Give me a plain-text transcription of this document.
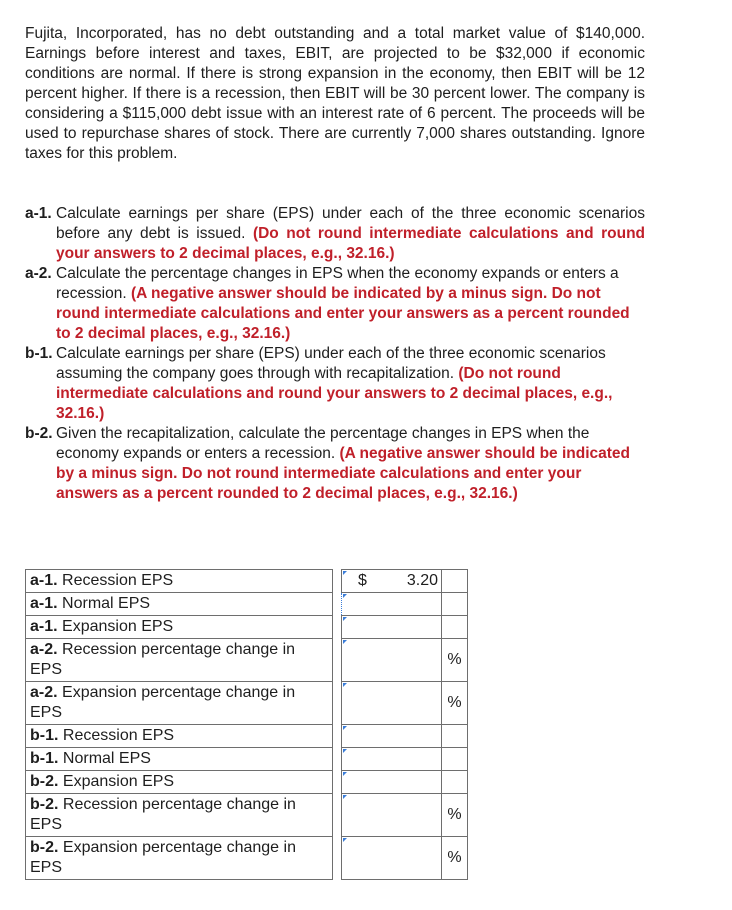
Fujita, Incorporated, has no debt outstanding and a total market value of $140,000. Earnings before interest and taxes, EBIT, are projected to be $32,000 if economic conditions are normal. If there is strong expansion in the economy, then EBIT will be 12 percent higher. If there is a recession, then EBIT will be 30 percent lower. The company is considering a $115,000 debt issue with an interest rate of 6 percent. The proceeds will be used to repurchase shares of stock. There are currently 7,000 shares outstanding. Ignore taxes for this problem.
a-1. Calculate earnings per share (EPS) under each of the three economic scenarios before any debt is issued. (Do not round intermediate calculations and round your answers to 2 decimal places, e.g., 32.16.)
a-2. Calculate the percentage changes in EPS when the economy expands or enters a recession. (A negative answer should be indicated by a minus sign. Do not round intermediate calculations and enter your answers as a percent rounded to 2 decimal places, e.g., 32.16.)
b-1. Calculate earnings per share (EPS) under each of the three economic scenarios assuming the company goes through with recapitalization. (Do not round intermediate calculations and round your answers to 2 decimal places, e.g., 32.16.)
b-2. Given the recapitalization, calculate the percentage changes in EPS when the economy expands or enters a recession. (A negative answer should be indicated by a minus sign. Do not round intermediate calculations and enter your answers as a percent rounded to 2 decimal places, e.g., 32.16.)
a-1. Recession EPS		$ 3.20	

a-1. Normal EPS		

a-1. Expansion EPS		

a-2. Recession percentage change in EPS			%
a-2. Expansion percentage change in EPS			%
b-1. Recession EPS		

b-1. Normal EPS		

b-2. Expansion EPS		

b-2. Recession percentage change in EPS			%
b-2. Expansion percentage change in EPS			%
